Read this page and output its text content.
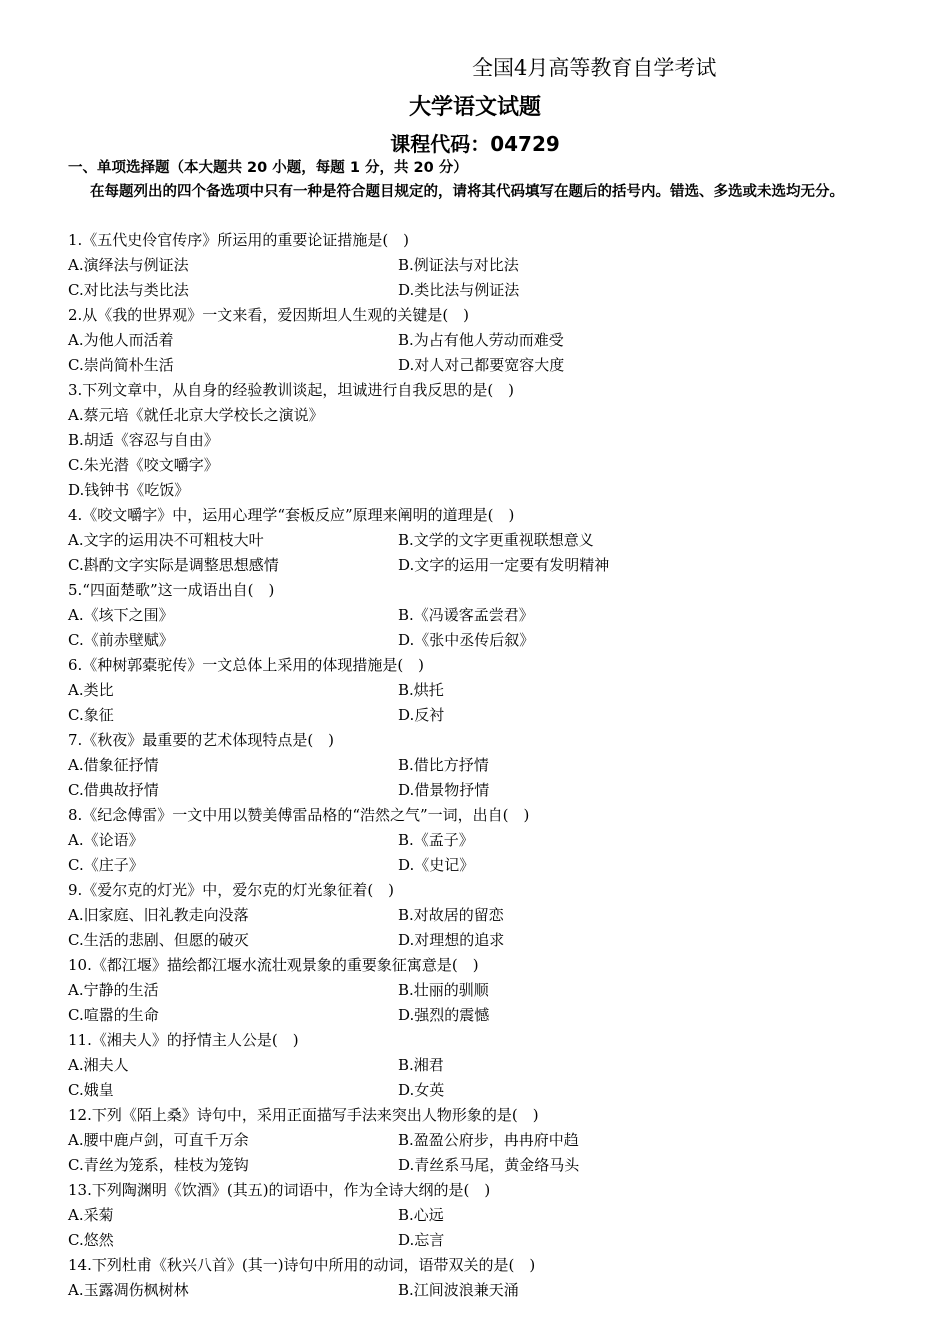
全国4月高等教育自学考试
大学语文试题
课程代码：04729
一、单项选择题（本大题共 20 小题，每题 1 分，共 20 分）
在每题列出的四个备选项中只有一种是符合题目规定的，请将其代码填写在题后的括号内。错选、多选或未选均无分。
1.《五代史伶官传序》所运用的重要论证措施是(　)
A.演绎法与例证法	B.例证法与对比法
C.对比法与类比法	D.类比法与例证法
2.从《我的世界观》一文来看，爱因斯坦人生观的关键是(　)
A.为他人而活着	B.为占有他人劳动而难受
C.崇尚简朴生活	D.对人对己都要宽容大度
3.下列文章中，从自身的经验教训谈起，坦诚进行自我反思的是(　)
A.蔡元培《就任北京大学校长之演说》
B.胡适《容忍与自由》
C.朱光潜《咬文嚼字》
D.钱钟书《吃饭》
4.《咬文嚼字》中，运用心理学“套板反应”原理来阐明的道理是(　)
A.文字的运用决不可粗枝大叶	B.文学的文字更重视联想意义
C.斟酌文字实际是调整思想感情	D.文字的运用一定要有发明精神
5.“四面楚歌”这一成语出自(　)
A.《垓下之围》	B.《冯谖客孟尝君》
C.《前赤壁赋》	D.《张中丞传后叙》
6.《种树郭橐驼传》一文总体上采用的体现措施是(　)
A.类比	B.烘托
C.象征	D.反衬
7.《秋夜》最重要的艺术体现特点是(　)
A.借象征抒情	B.借比方抒情
C.借典故抒情	D.借景物抒情
8.《纪念傅雷》一文中用以赞美傅雷品格的“浩然之气”一词，出自(　)
A.《论语》	B.《孟子》
C.《庄子》	D.《史记》
9.《爱尔克的灯光》中，爱尔克的灯光象征着(　)
A.旧家庭、旧礼教走向没落	B.对故居的留恋
C.生活的悲剧、但愿的破灭	D.对理想的追求
10.《都江堰》描绘都江堰水流壮观景象的重要象征寓意是(　)
A.宁静的生活	B.壮丽的驯顺
C.喧嚣的生命	D.强烈的震憾
11.《湘夫人》的抒情主人公是(　)
A.湘夫人	B.湘君
C.娥皇	D.女英
12.下列《陌上桑》诗句中，采用正面描写手法来突出人物形象的是(　)
A.腰中鹿卢剑，可直千万余	B.盈盈公府步，冉冉府中趋
C.青丝为笼系，桂枝为笼钩	D.青丝系马尾，黄金络马头
13.下列陶渊明《饮酒》(其五)的词语中，作为全诗大纲的是(　)
A.采菊	B.心远
C.悠然	D.忘言
14.下列杜甫《秋兴八首》(其一)诗句中所用的动词，语带双关的是(　)
A.玉露凋伤枫树林	B.江间波浪兼天涌
